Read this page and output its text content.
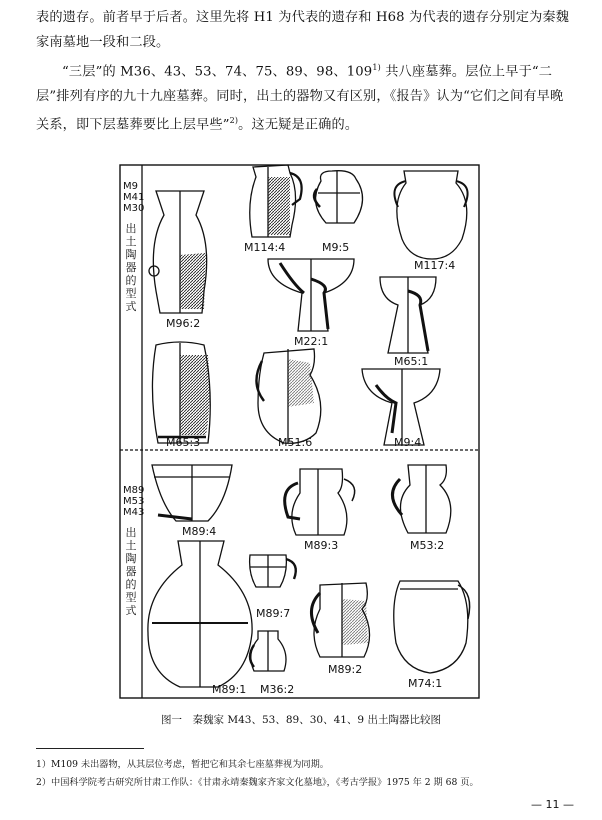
表的遗存。前者早于后者。这里先将 H1 为代表的遗存和 H68 为代表的遗存分别定为秦魏家南墓地一段和二段。
“三层”的 M36、43、53、74、75、89、98、109$^{1)}$ 共八座墓葬。层位上早于“二层”排列有序的九十九座墓葬。同时，出土的器物又有区别，《报告》认为“它们之间有早晚关系，即下层墓葬要比上层早些”$^{2)}$。这无疑是正确的。
M9
M41
M30
出
土
陶
器
的
型
式
M89
M53
M43
出
土
陶
器
的
型
式
M114:4	M9:5
M117:4
M96:2
M22:1
M65:1
M65:3	M51:6	M9:4
M89:4
M89:3	M53:2
M89:7
M89:2
M74:1
M89:1 M36:2
图一　秦魏家 M43、53、89、30、41、9 出土陶器比较图
1）M109 未出器物，从其层位考虑，暂把它和其余七座墓葬视为同期。
2）中国科学院考古研究所甘肃工作队：《甘肃永靖秦魏家齐家文化墓地》，《考古学报》1975 年 2 期 68 页。
— 11 —
